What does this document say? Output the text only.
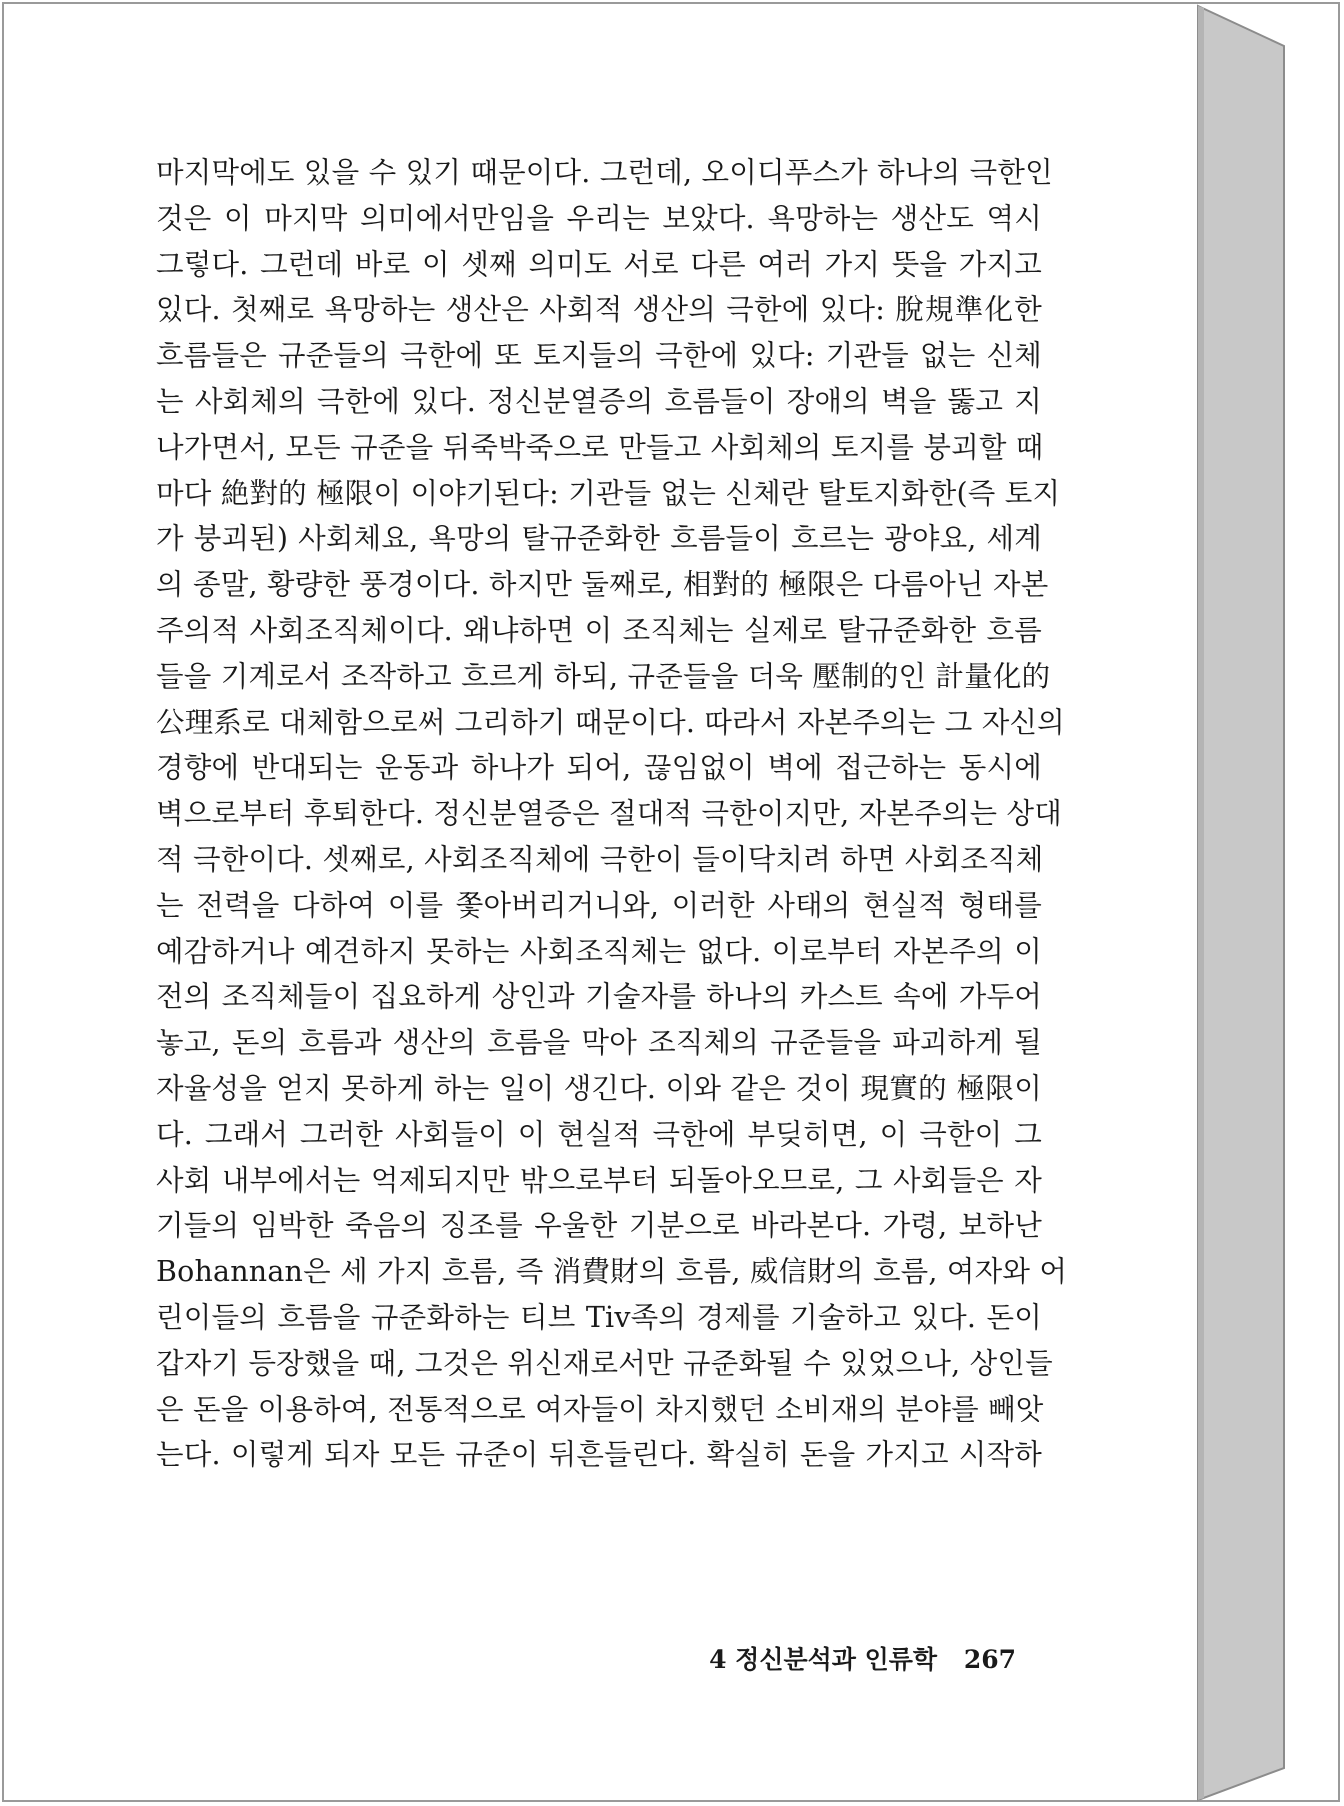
마지막에도 있을 수 있기 때문이다. 그런데, 오이디푸스가 하나의 극한인
것은 이 마지막 의미에서만임을 우리는 보았다. 욕망하는 생산도 역시
그렇다. 그런데 바로 이 셋째 의미도 서로 다른 여러 가지 뜻을 가지고
있다. 첫째로 욕망하는 생산은 사회적 생산의 극한에 있다: 脫規準化한
흐름들은 규준들의 극한에 또 토지들의 극한에 있다: 기관들 없는 신체
는 사회체의 극한에 있다. 정신분열증의 흐름들이 장애의 벽을 뚫고 지
나가면서, 모든 규준을 뒤죽박죽으로 만들고 사회체의 토지를 붕괴할 때
마다 絶對的 極限이 이야기된다: 기관들 없는 신체란 탈토지화한(즉 토지
가 붕괴된) 사회체요, 욕망의 탈규준화한 흐름들이 흐르는 광야요, 세계
의 종말, 황량한 풍경이다. 하지만 둘째로, 相對的 極限은 다름아닌 자본
주의적 사회조직체이다. 왜냐하면 이 조직체는 실제로 탈규준화한 흐름
들을 기계로서 조작하고 흐르게 하되, 규준들을 더욱 壓制的인 計量化的
公理系로 대체함으로써 그리하기 때문이다. 따라서 자본주의는 그 자신의
경향에 반대되는 운동과 하나가 되어, 끊임없이 벽에 접근하는 동시에
벽으로부터 후퇴한다. 정신분열증은 절대적 극한이지만, 자본주의는 상대
적 극한이다. 셋째로, 사회조직체에 극한이 들이닥치려 하면 사회조직체
는 전력을 다하여 이를 쫓아버리거니와, 이러한 사태의 현실적 형태를
예감하거나 예견하지 못하는 사회조직체는 없다. 이로부터 자본주의 이
전의 조직체들이 집요하게 상인과 기술자를 하나의 카스트 속에 가두어
놓고, 돈의 흐름과 생산의 흐름을 막아 조직체의 규준들을 파괴하게 될
자율성을 얻지 못하게 하는 일이 생긴다. 이와 같은 것이 現實的 極限이
다. 그래서 그러한 사회들이 이 현실적 극한에 부딪히면, 이 극한이 그
사회 내부에서는 억제되지만 밖으로부터 되돌아오므로, 그 사회들은 자
기들의 임박한 죽음의 징조를 우울한 기분으로 바라본다. 가령, 보하난
Bohannan은 세 가지 흐름, 즉 消費財의 흐름, 威信財의 흐름, 여자와 어
린이들의 흐름을 규준화하는 티브 Tiv족의 경제를 기술하고 있다. 돈이
갑자기 등장했을 때, 그것은 위신재로서만 규준화될 수 있었으나, 상인들
은 돈을 이용하여, 전통적으로 여자들이 차지했던 소비재의 분야를 빼앗
는다. 이렇게 되자 모든 규준이 뒤흔들린다. 확실히 돈을 가지고 시작하
4 정신분석과 인류학 267
